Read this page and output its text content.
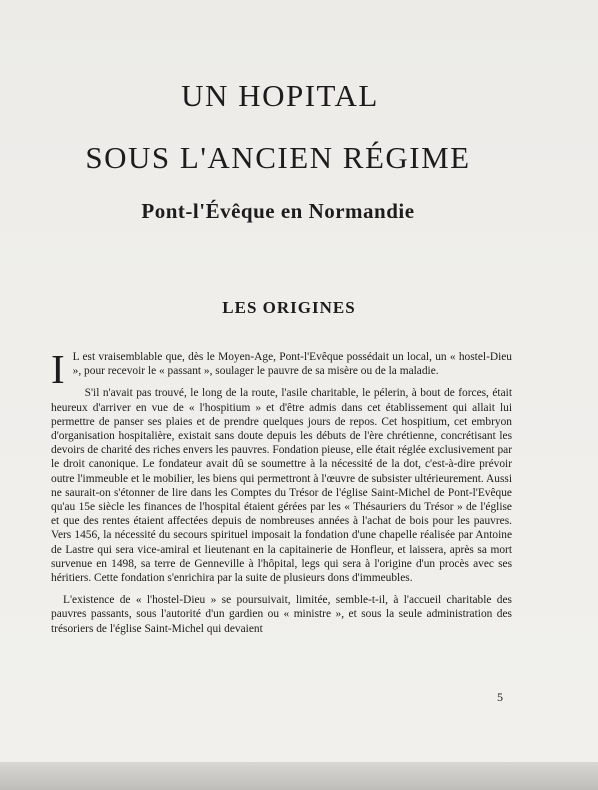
UN HOPITAL
SOUS L'ANCIEN RÉGIME
Pont-l'Évêque en Normandie
LES ORIGINES

I L est vraisemblable que, dès le Moyen-Age, Pont-l'Evêque possédait un local, un « hostel-Dieu », pour recevoir le « passant », soulager le pauvre de sa misère ou de la maladie.

S'il n'avait pas trouvé, le long de la route, l'asile charitable, le pélerin, à bout de forces, était heureux d'arriver en vue de « l'hospitium » et d'être admis dans cet établissement qui allait lui permettre de panser ses plaies et de prendre quelques jours de repos. Cet hospitium, cet embryon d'organisation hospitalière, existait sans doute depuis les débuts de l'ère chrétienne, concrétisant les devoirs de charité des riches envers les pauvres. Fondation pieuse, elle était réglée exclusivement par le droit canonique. Le fondateur avait dû se soumettre à la nécessité de la dot, c'est-à-dire prévoir outre l'immeuble et le mobilier, les biens qui permettront à l'œuvre de subsister ultérieurement. Aussi ne saurait-on s'étonner de lire dans les Comptes du Trésor de l'église Saint-Michel de Pont-l'Evêque qu'au 15e siècle les finances de l'hospital étaient gérées par les « Thésauriers du Trésor » de l'église et que des rentes étaient affectées depuis de nombreuses années à l'achat de bois pour les pauvres. Vers 1456, la nécessité du secours spirituel imposait la fondation d'une chapelle réalisée par Antoine de Lastre qui sera vice-amiral et lieutenant en la capitainerie de Honfleur, et laissera, après sa mort survenue en 1498, sa terre de Genneville à l'hôpital, legs qui sera à l'origine d'un procès avec ses héritiers. Cette fondation s'enrichira par la suite de plusieurs dons d'immeubles.

L'existence de « l'hostel-Dieu » se poursuivait, limitée, semble-t-il, à l'accueil charitable des pauvres passants, sous l'autorité d'un gardien ou « ministre », et sous la seule administration des trésoriers de l'église Saint-Michel qui devaient

5
